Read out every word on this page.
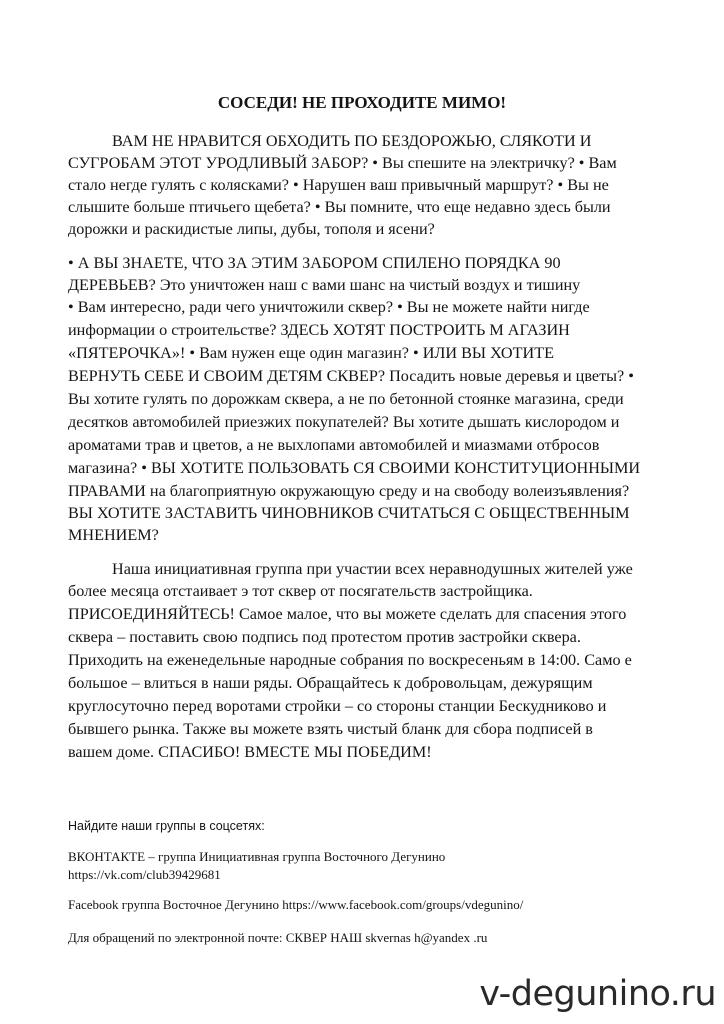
СОСЕДИ! НЕ ПРОХОДИТЕ МИМО!
ВАМ НЕ НРАВИТСЯ ОБХОДИТЬ ПО БЕЗДОРОЖЬЮ, СЛЯКОТИ И
СУГРОБАМ ЭТОТ УРОДЛИВЫЙ ЗАБОР? • Вы спешите на электричку? • Вам
стало негде гулять с колясками? • Нарушен ваш привычный маршрут? • Вы не
слышите больше птичьего щебета? • Вы помните, что еще недавно здесь были
дорожки и раскидистые липы, дубы, тополя и ясени?
• А ВЫ ЗНАЕТЕ, ЧТО ЗА ЭТИМ ЗАБОРОМ СПИЛЕНО ПОРЯДКА 90
ДЕРЕВЬЕВ? Это уничтожен наш с вами шанс на чистый воздух и тишину
• Вам интересно, ради чего уничтожили сквер? • Вы не можете найти нигде
информации о строительстве? ЗДЕСЬ ХОТЯТ ПОСТРОИТЬ М АГАЗИН
«ПЯТЕРОЧКА»! • Вам нужен еще один магазин? • ИЛИ ВЫ ХОТИТЕ
ВЕРНУТЬ СЕБЕ И СВОИМ ДЕТЯМ СКВЕР? Посадить новые деревья и цветы? •
Вы хотите гулять по дорожкам сквера, а не по бетонной стоянке магазина, среди
десятков автомобилей приезжих покупателей? Вы хотите дышать кислородом и
ароматами трав и цветов, а не выхлопами автомобилей и миазмами отбросов
магазина? • ВЫ ХОТИТЕ ПОЛЬЗОВАТЬ СЯ СВОИМИ КОНСТИТУЦИОННЫМИ
ПРАВАМИ на благоприятную окружающую среду и на свободу волеизъявления?
ВЫ ХОТИТЕ ЗАСТАВИТЬ ЧИНОВНИКОВ СЧИТАТЬСЯ С ОБЩЕСТВЕННЫМ
МНЕНИЕМ?
Наша инициативная группа при участии всех неравнодушных жителей уже
более месяца отстаивает э тот сквер от посягательств застройщика.
ПРИСОЕДИНЯЙТЕСЬ! Самое малое, что вы можете сделать для спасения этого
сквера – поставить свою подпись под протестом против застройки сквера.
Приходить на еженедельные народные собрания по воскресеньям в 14:00. Само е
большое – влиться в наши ряды. Обращайтесь к добровольцам, дежурящим
круглосуточно перед воротами стройки – со стороны станции Бескудниково и
бывшего рынка. Также вы можете взять чистый бланк для сбора подписей в
вашем доме. СПАСИБО! ВМЕСТЕ МЫ ПОБЕДИМ!
Найдите наши группы в соцсетях:
ВКОНТАКТЕ – группа Инициативная группа Восточного Дегунино
https://vk.com/club39429681
Facebook группа Восточное Дегунино https://www.facebook.com/groups/vdegunino/
Для обращений по электронной почте: СКВЕР НАШ skvernas h@yandex .ru
v-degunino.ru
